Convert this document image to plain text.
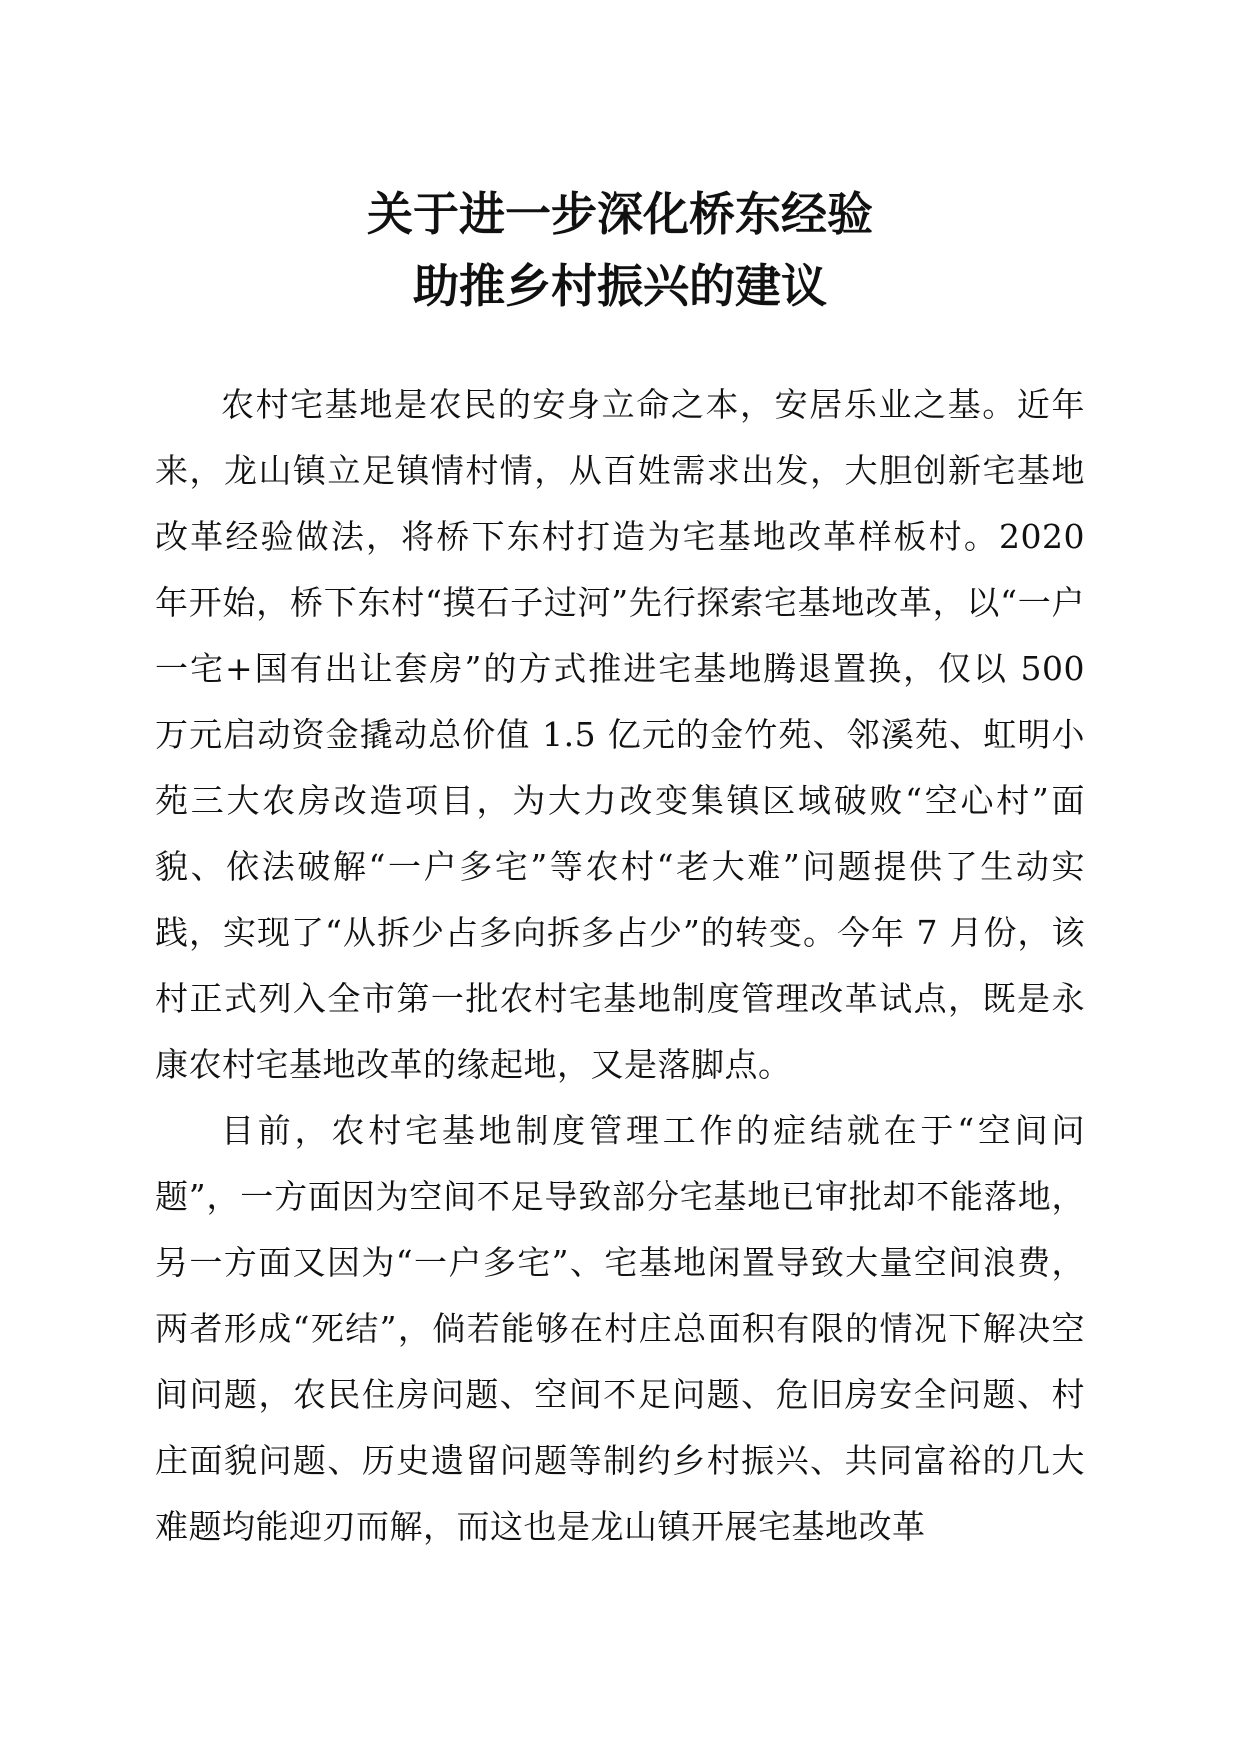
关于进一步深化桥东经验
助推乡村振兴的建议

农村宅基地是农民的安身立命之本，安居乐业之基。近年来，龙山镇立足镇情村情，从百姓需求出发，大胆创新宅基地改革经验做法，将桥下东村打造为宅基地改革样板村。2020 年开始，桥下东村“摸石子过河”先行探索宅基地改革，以“一户一宅+国有出让套房”的方式推进宅基地腾退置换，仅以 500 万元启动资金撬动总价值 1.5 亿元的金竹苑、邻溪苑、虹明小苑三大农房改造项目，为大力改变集镇区域破败“空心村”面貌、依法破解“一户多宅”等农村“老大难”问题提供了生动实践，实现了“从拆少占多向拆多占少”的转变。今年 7 月份，该村正式列入全市第一批农村宅基地制度管理改革试点，既是永康农村宅基地改革的缘起地，又是落脚点。

目前，农村宅基地制度管理工作的症结就在于“空间问题”，一方面因为空间不足导致部分宅基地已审批却不能落地，另一方面又因为“一户多宅”、宅基地闲置导致大量空间浪费，两者形成“死结”，倘若能够在村庄总面积有限的情况下解决空间问题，农民住房问题、空间不足问题、危旧房安全问题、村庄面貌问题、历史遗留问题等制约乡村振兴、共同富裕的几大难题均能迎刃而解，而这也是龙山镇开展宅基地改革
